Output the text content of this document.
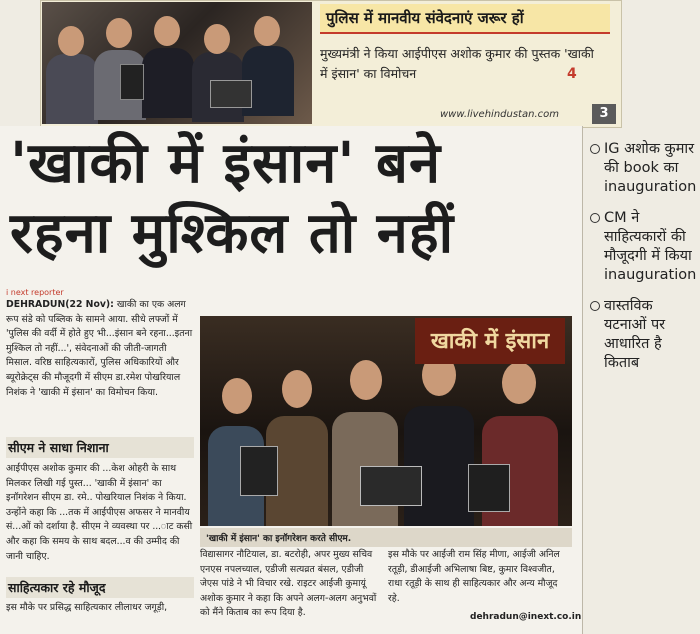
पुलिस में मानवीय संवेदनाएं जरूर हों
मुख्यमंत्री ने किया आईपीएस अशोक कुमार की पुस्तक 'खाकी में इंसान' का विमोचन	4
www.livehindustan.com	3
'खाकी में इंसान' बने
रहना मुश्किल तो नहीं
i next reporter
DEHRADUN(22 Nov): खाकी का एक अलग रूप संडे को पब्लिक के सामने आया. सीधे लफ्जों में 'पुलिस की वर्दी में होते हुए भी...इंसान बने रहना...इतना मुश्किल तो नहीं...', संवेदनाओं की जीती-जागती मिसाल. वरिष्ठ साहित्यकारों, पुलिस अधिकारियों और ब्यूरोक्रेट्स की मौजूदगी में सीएम डा.रमेश पोखरियाल निशंक ने 'खाकी में इंसान' का विमोचन किया.
सीएम ने साधा निशाना
आईपीएस अशोक कुमार की ...केश ओहरी के साथ मिलकर लिखी गई पुस्त... 'खाकी में इंसान' का इनॉगरेशन सीएम डा. रमे.. पोखरियाल निशंक ने किया. उन्होंने कहा कि ...तक में आईपीएस अफसर ने मानवीय सं...ओं को दर्शाया है. सीएम ने व्यवस्था पर ...ाट कसी और कहा कि समय के साथ बदल...व की उम्मीद की जानी चाहिए.
साहित्यकार रहे मौजूद
इस मौके पर प्रसिद्ध साहित्यकार लीलाधर जगूड़ी,
खाकी में इंसान
'खाकी में इंसान' का इनॉगरेशन करते सीएम.
विद्यासागर नौटियाल, डा. बटरोही, अपर मुख्य सचिव एनएस नपलच्याल, एडीजी सत्यव्रत बंसल, एडीजी जेएस पांडे ने भी विचार रखे. राइटर आईजी कुमायूं अशोक कुमार ने कहा कि अपने अलग-अलग अनुभवों को मैंने किताब का रूप दिया है.
इस मौके पर आईजी राम सिंह मीणा, आईजी अनिल रतूड़ी, डीआईजी अभिलाषा बिष्ट, कुमार विश्वजीत, राधा रतूड़ी के साथ ही साहित्यकार और अन्य मौजूद रहे.
dehradun@inext.co.in
IG अशोक कुमार की book का inauguration
CM ने साहित्यकारों की मौजूदगी में किया inauguration
वास्तविक यटनाओं पर आधारित है किताब
